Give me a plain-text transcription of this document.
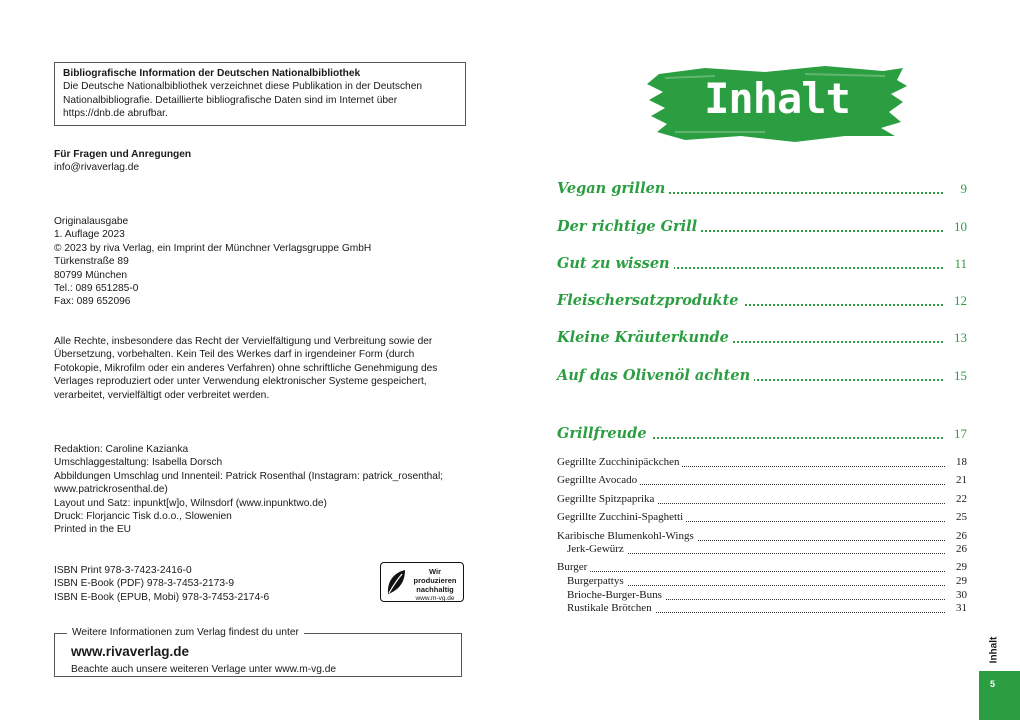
Bibliografische Information der Deutschen Nationalbibliothek
Die Deutsche Nationalbibliothek verzeichnet diese Publikation in der Deutschen
Nationalbibliografie. Detaillierte bibliografische Daten sind im Internet über
https://dnb.de abrufbar.
Für Fragen und Anregungen
info@rivaverlag.de
Originalausgabe
1. Auflage 2023
© 2023 by riva Verlag, ein Imprint der Münchner Verlagsgruppe GmbH
Türkenstraße 89
80799 München
Tel.: 089 651285-0
Fax: 089 652096
Alle Rechte, insbesondere das Recht der Vervielfältigung und Verbreitung sowie der
Übersetzung, vorbehalten. Kein Teil des Werkes darf in irgendeiner Form (durch
Fotokopie, Mikrofilm oder ein anderes Verfahren) ohne schriftliche Genehmigung des
Verlages reproduziert oder unter Verwendung elektronischer Systeme gespeichert,
verarbeitet, vervielfältigt oder verbreitet werden.
Redaktion: Caroline Kazianka
Umschlaggestaltung: Isabella Dorsch
Abbildungen Umschlag und Innenteil: Patrick Rosenthal (Instagram: patrick_rosenthal;
www.patrickrosenthal.de)
Layout und Satz: inpunkt[w]o, Wilnsdorf (www.inpunktwo.de)
Druck: Florjancic Tisk d.o.o., Slowenien
Printed in the EU
ISBN Print 978-3-7423-2416-0
ISBN E-Book (PDF) 978-3-7453-2173-9
ISBN E-Book (EPUB, Mobi) 978-3-7453-2174-6
Wir produzieren
nachhaltig
www.m-vg.de
Weitere Informationen zum Verlag findest du unter
www.rivaverlag.de
Beachte auch unsere weiteren Verlage unter www.m-vg.de
Inhalt
Vegan grillen	9
Der richtige Grill	10
Gut zu wissen	11
Fleischersatzprodukte	12
Kleine Kräuterkunde	13
Auf das Olivenöl achten	15
Grillfreude	17
Gegrillte Zucchinipäckchen	18
Gegrillte Avocado	21
Gegrillte Spitzpaprika	22
Gegrillte Zucchini-Spaghetti	25
Karibische Blumenkohl-Wings	26
Jerk-Gewürz	26
Burger	29
Burgerpattys	29
Brioche-Burger-Buns	30
Rustikale Brötchen	31
Inhalt
5
